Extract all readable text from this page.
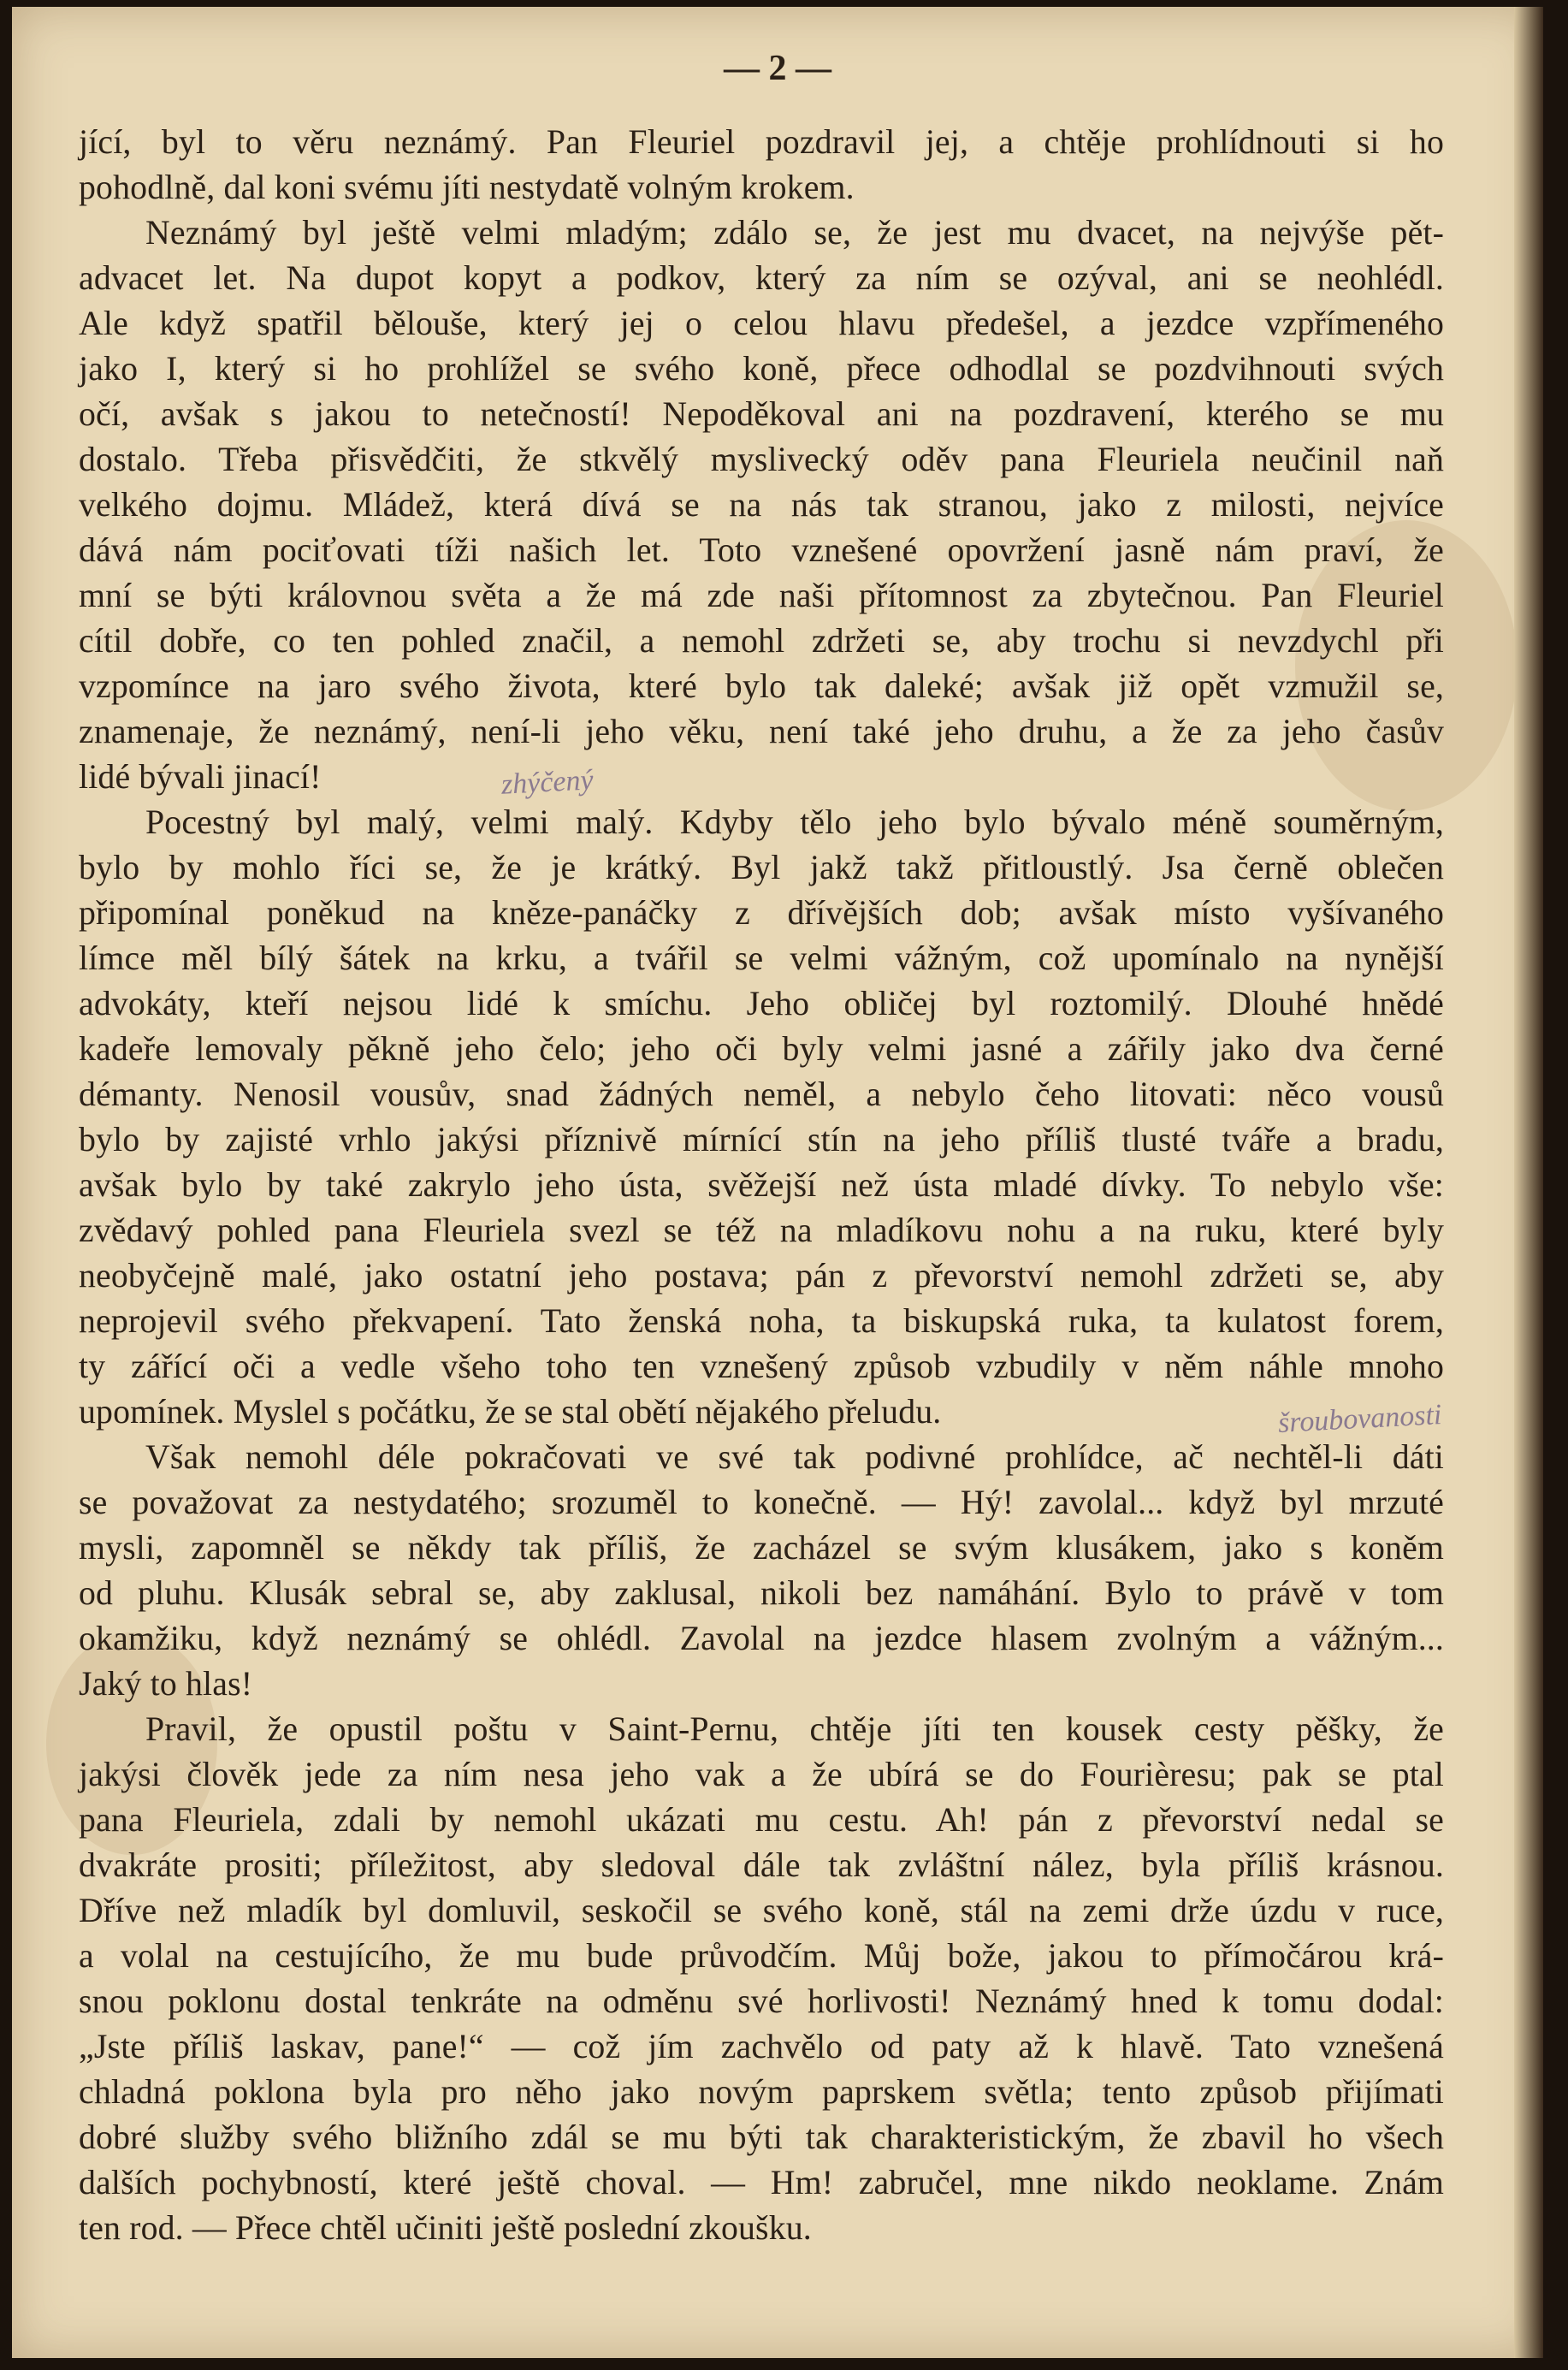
— 2 —
zhýčený
šroubovanosti
jící, byl to věru neznámý. Pan Fleuriel pozdravil jej, a chtěje prohlídnouti si ho
pohodlně, dal koni svému jíti nestydatě volným krokem.
Neznámý byl ještě velmi mladým; zdálo se, že jest mu dvacet, na nejvýše pět-
advacet let. Na dupot kopyt a podkov, který za ním se ozýval, ani se neohlédl.
Ale když spatřil bělouše, který jej o celou hlavu předešel, a jezdce vzpřímeného
jako I, který si ho prohlížel se svého koně, přece odhodlal se pozdvihnouti svých
očí, avšak s jakou to netečností! Nepoděkoval ani na pozdravení, kterého se mu
dostalo. Třeba přisvědčiti, že stkvělý myslivecký oděv pana Fleuriela neučinil naň
velkého dojmu. Mládež, která dívá se na nás tak stranou, jako z milosti, nejvíce
dává nám pociťovati tíži našich let. Toto vznešené opovržení jasně nám praví, že
mní se býti královnou světa a že má zde naši přítomnost za zbytečnou. Pan Fleuriel
cítil dobře, co ten pohled značil, a nemohl zdržeti se, aby trochu si nevzdychl při
vzpomínce na jaro svého života, které bylo tak daleké; avšak již opět vzmužil se,
znamenaje, že neznámý, není-li jeho věku, není také jeho druhu, a že za jeho časův
lidé bývali jinací!
Pocestný byl malý, velmi malý. Kdyby tělo jeho bylo bývalo méně souměrným,
bylo by mohlo říci se, že je krátký. Byl jakž takž přitloustlý. Jsa černě oblečen
připomínal poněkud na kněze-panáčky z dřívějších dob; avšak místo vyšívaného
límce měl bílý šátek na krku, a tvářil se velmi vážným, což upomínalo na nynější
advokáty, kteří nejsou lidé k smíchu. Jeho obličej byl roztomilý. Dlouhé hnědé
kadeře lemovaly pěkně jeho čelo; jeho oči byly velmi jasné a zářily jako dva černé
démanty. Nenosil vousův, snad žádných neměl, a nebylo čeho litovati: něco vousů
bylo by zajisté vrhlo jakýsi příznivě mírnící stín na jeho příliš tlusté tváře a bradu,
avšak bylo by také zakrylo jeho ústa, svěžejší než ústa mladé dívky. To nebylo vše:
zvědavý pohled pana Fleuriela svezl se též na mladíkovu nohu a na ruku, které byly
neobyčejně malé, jako ostatní jeho postava; pán z převorství nemohl zdržeti se, aby
neprojevil svého překvapení. Tato ženská noha, ta biskupská ruka, ta kulatost forem,
ty zářící oči a vedle všeho toho ten vznešený způsob vzbudily v něm náhle mnoho
upomínek. Myslel s počátku, že se stal obětí nějakého přeludu.
Však nemohl déle pokračovati ve své tak podivné prohlídce, ač nechtěl-li dáti
se považovat za nestydatého; srozuměl to konečně. — Hý! zavolal... když byl mrzuté
mysli, zapomněl se někdy tak příliš, že zacházel se svým klusákem, jako s koněm
od pluhu. Klusák sebral se, aby zaklusal, nikoli bez namáhání. Bylo to právě v tom
okamžiku, když neznámý se ohlédl. Zavolal na jezdce hlasem zvolným a vážným...
Jaký to hlas!
Pravil, že opustil poštu v Saint-Pernu, chtěje jíti ten kousek cesty pěšky, že
jakýsi člověk jede za ním nesa jeho vak a že ubírá se do Fourièresu; pak se ptal
pana Fleuriela, zdali by nemohl ukázati mu cestu. Ah! pán z převorství nedal se
dvakráte prositi; příležitost, aby sledoval dále tak zvláštní nález, byla příliš krásnou.
Dříve než mladík byl domluvil, seskočil se svého koně, stál na zemi drže úzdu v ruce,
a volal na cestujícího, že mu bude průvodčím. Můj bože, jakou to přímočárou krá-
snou poklonu dostal tenkráte na odměnu své horlivosti! Neznámý hned k tomu dodal:
„Jste příliš laskav, pane!“ — což jím zachvělo od paty až k hlavě. Tato vznešená
chladná poklona byla pro něho jako novým paprskem světla; tento způsob přijímati
dobré služby svého bližního zdál se mu býti tak charakteristickým, že zbavil ho všech
dalších pochybností, které ještě choval. — Hm! zabručel, mne nikdo neoklame. Znám
ten rod. — Přece chtěl učiniti ještě poslední zkoušku.
